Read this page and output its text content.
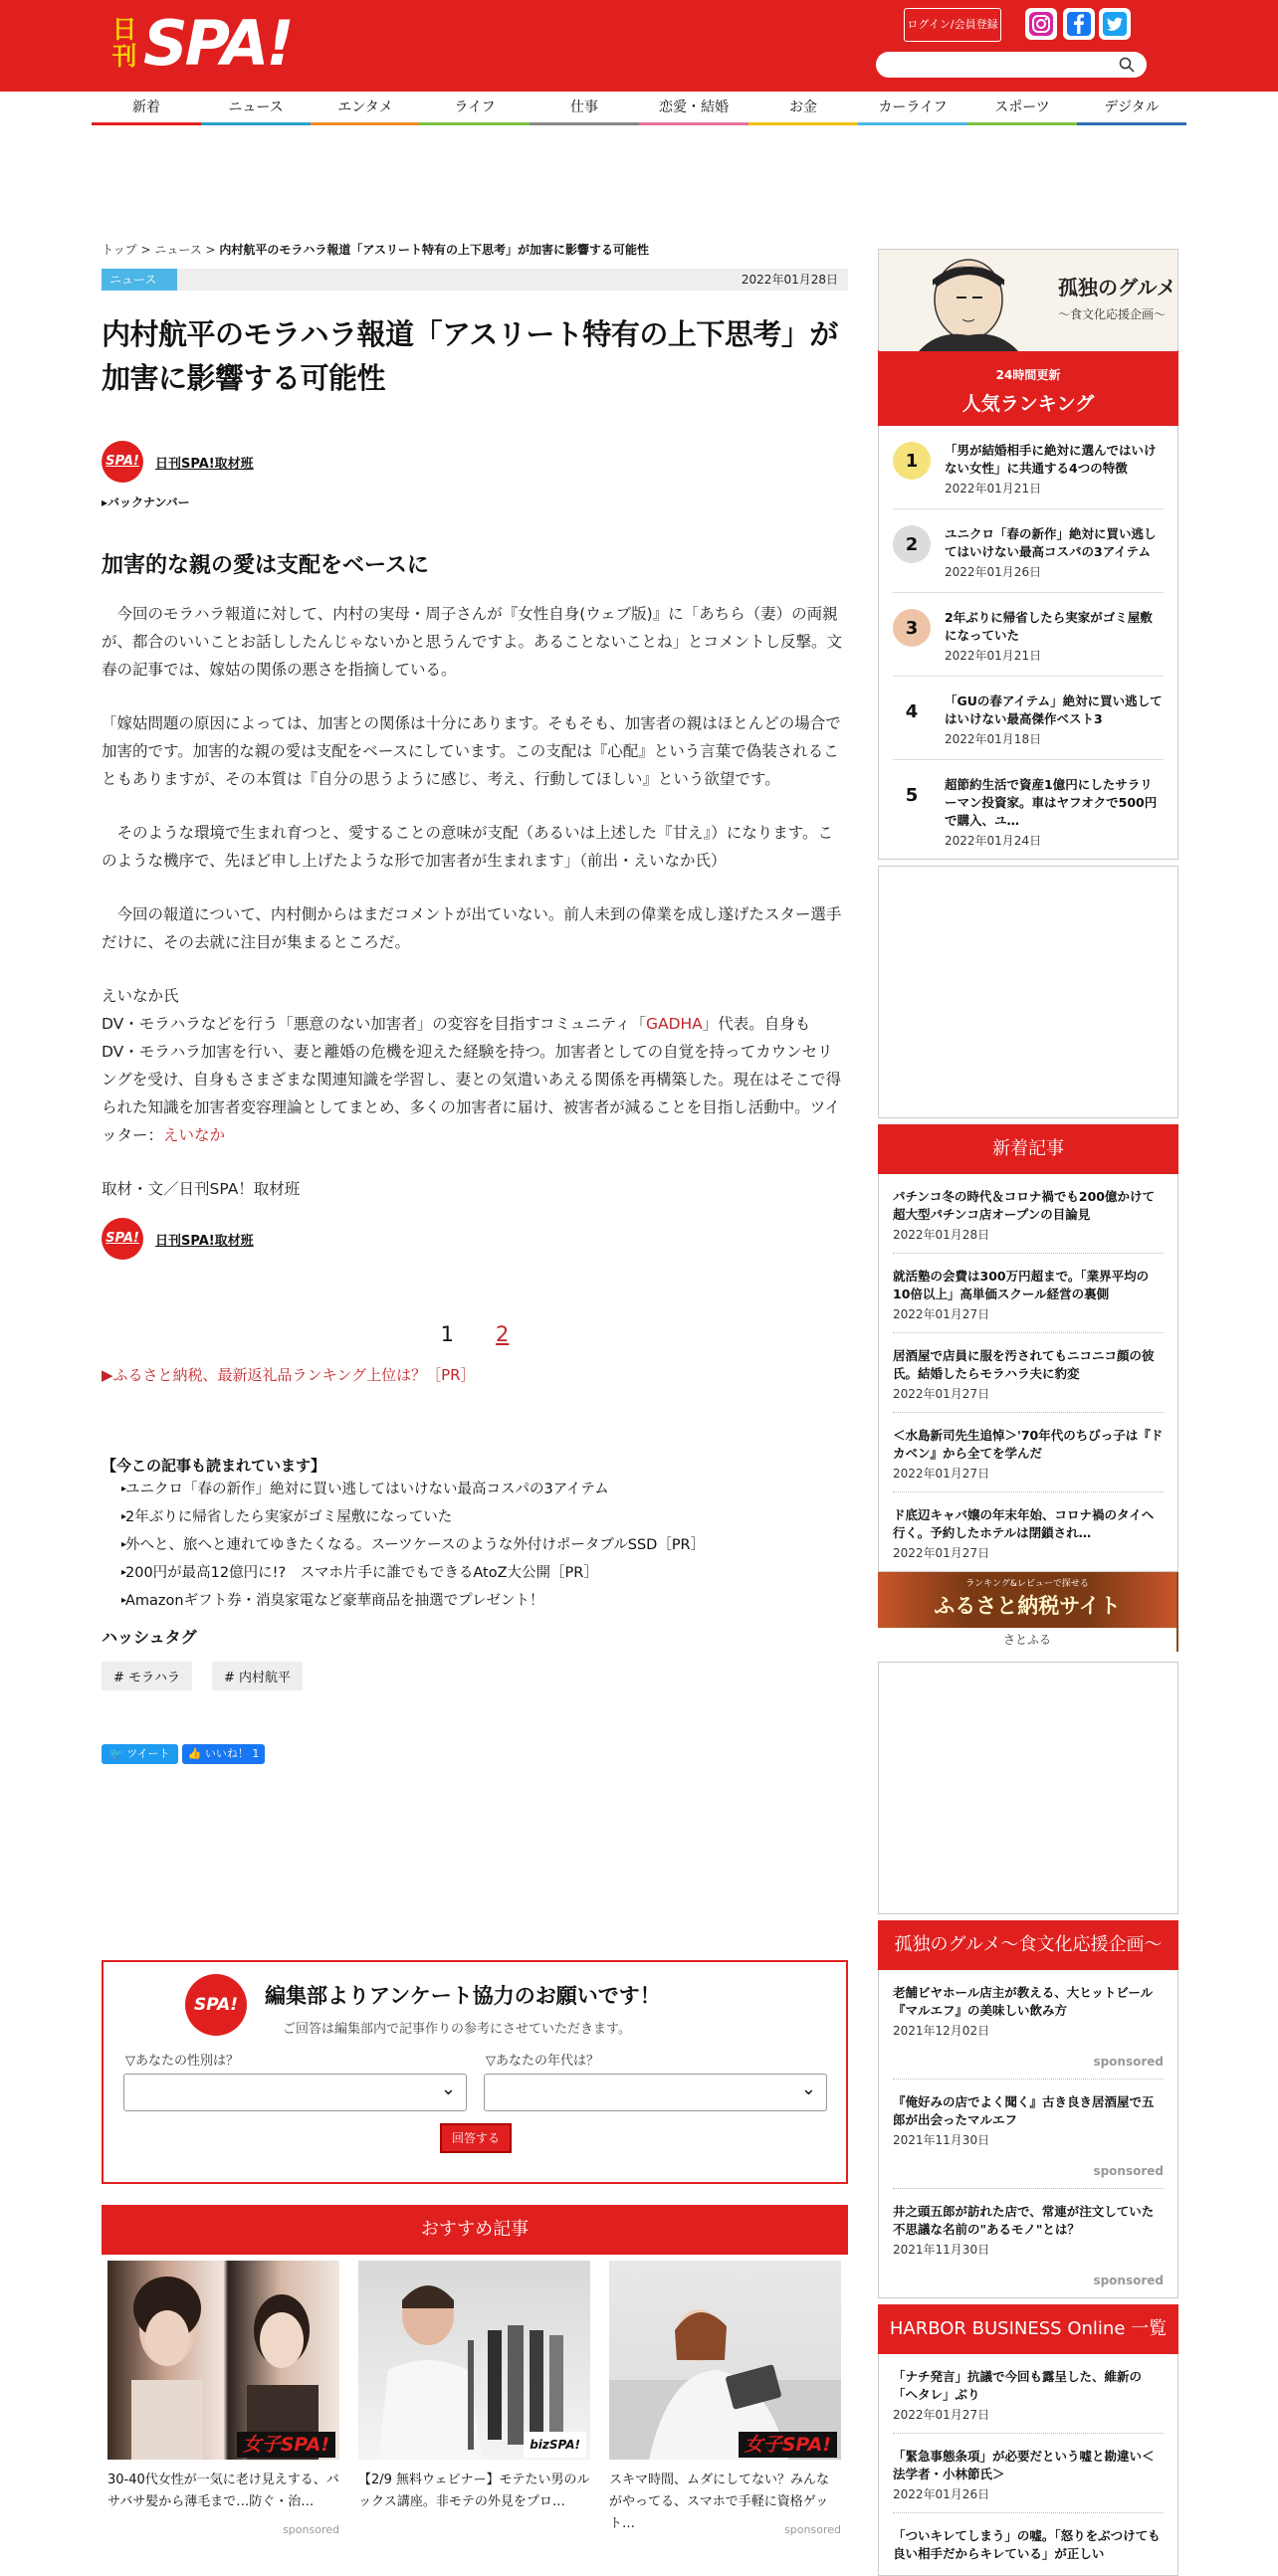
日刊 SPA!	ログイン/会員登録
新着	ニュース	エンタメ	ライフ	仕事	恋愛・結婚	お金	カーライフ	スポーツ	デジタル
トップ > ニュース > 内村航平のモラハラ報道「アスリート特有の上下思考」が加害に影響する可能性
ニュース	2022年01月28日
内村航平のモラハラ報道「アスリート特有の上下思考」が加害に影響する可能性
SPA!	日刊SPA!取材班
▸バックナンバー
加害的な親の愛は支配をベースに

　今回のモラハラ報道に対して、内村の実母・周子さんが『女性自身(ウェブ版)』に「あちら（妻）の両親が、都合のいいことお話ししたんじゃないかと思うんですよ。あることないことね」とコメントし反撃。文春の記事では、嫁姑の関係の悪さを指摘している。

「嫁姑問題の原因によっては、加害との関係は十分にあります。そもそも、加害者の親はほとんどの場合で加害的です。加害的な親の愛は支配をベースにしています。この支配は『心配』という言葉で偽装されることもありますが、その本質は『自分の思うように感じ、考え、行動してほしい』という欲望です。

　そのような環境で生まれ育つと、愛することの意味が支配（あるいは上述した『甘え』）になります。このような機序で、先ほど申し上げたような形で加害者が生まれます」（前出・えいなか氏）

　今回の報道について、内村側からはまだコメントが出ていない。前人未到の偉業を成し遂げたスター選手だけに、その去就に注目が集まるところだ。

えいなか氏
DV・モラハラなどを行う「悪意のない加害者」の変容を目指すコミュニティ「GADHA」代表。自身もDV・モラハラ加害を行い、妻と離婚の危機を迎えた経験を持つ。加害者としての自覚を持ってカウンセリングを受け、自身もさまざまな関連知識を学習し、妻との気遣いあえる関係を再構築した。現在はそこで得られた知識を加害者変容理論としてまとめ、多くの加害者に届け、被害者が減ることを目指し活動中。ツイッター：えいなか

取材・文／日刊SPA！取材班

SPA!	日刊SPA!取材班
1 2
▶ふるさと納税、最新返礼品ランキング上位は？［PR］
【今この記事も読まれています】
▸ ユニクロ「春の新作」絶対に買い逃してはいけない最高コスパの3アイテム
▸ 2年ぶりに帰省したら実家がゴミ屋敷になっていた
▸ 外へと、旅へと連れてゆきたくなる。スーツケースのような外付けポータブルSSD［PR］
▸ 200円が最高12億円に!?　スマホ片手に誰でもできるAtoZ大公開［PR］
▸ Amazonギフト券・消臭家電など豪華商品を抽選でプレゼント！
ハッシュタグ
# モラハラ	# 内村航平
🐦 ツイート	👍 いいね！ 1
SPA!	編集部よりアンケート協力のお願いです！
ご回答は編集部内で記事作りの参考にさせていただきます。
▽あなたの性別は？	▽あなたの年代は？
⌄
⌄
回答する
おすすめ記事
女子SPA!
30-40代女性が一気に老け見えする、バサバサ髪から薄毛まで…防ぐ・治…
sponsored
bizSPA!
【2/9 無料ウェビナー】モテたい男のルックス講座。非モテの外見をプロ…
女子SPA!
スキマ時間、ムダにしてない？みんながやってる、スマホで手軽に資格ゲット…	sponsored
孤独のグルメ
〜食文化応援企画〜
24時間更新
人気ランキング
1	「男が結婚相手に絶対に選んではいけない女性」に共通する4つの特徴
2022年01月21日
2	ユニクロ「春の新作」絶対に買い逃してはいけない最高コスパの3アイテム
2022年01月26日
3	2年ぶりに帰省したら実家がゴミ屋敷になっていた
2022年01月21日
4	「GUの春アイテム」絶対に買い逃してはいけない最高傑作ベスト3
2022年01月18日
5	超節約生活で資産1億円にしたサラリーマン投資家。車はヤフオクで500円で購入、ユ…
2022年01月24日
新着記事
パチンコ冬の時代＆コロナ禍でも200億かけて超大型パチンコ店オープンの目論見
2022年01月28日
就活塾の会費は300万円超まで。「業界平均の10倍以上」高単価スクール経営の裏側
2022年01月27日
居酒屋で店員に服を汚されてもニコニコ顔の彼氏。結婚したらモラハラ夫に豹変
2022年01月27日
＜水島新司先生追悼＞'70年代のちびっ子は『ドカベン』から全てを学んだ
2022年01月27日
ド底辺キャバ嬢の年末年始、コロナ禍のタイへ行く。予約したホテルは閉鎖され…
2022年01月27日
ランキング&レビューで探せる
ふるさと納税サイト
さとふる
孤独のグルメ～食文化応援企画～
老舗ビヤホール店主が教える、大ヒットビール『マルエフ』の美味しい飲み方
2021年12月02日
sponsored
『俺好みの店でよく聞く』古き良き居酒屋で五郎が出会ったマルエフ
2021年11月30日
sponsored
井之頭五郎が訪れた店で、常連が注文していた不思議な名前の"あるモノ"とは？
2021年11月30日
sponsored
HARBOR BUSINESS Online 一覧
「ナチ発言」抗議で今回も露呈した、維新の「ヘタレ」ぶり
2022年01月27日
「緊急事態条項」が必要だという嘘と勘違い＜法学者・小林節氏＞
2022年01月26日
「ついキレてしまう」の嘘。「怒りをぶつけても良い相手だからキレている」が正しい
